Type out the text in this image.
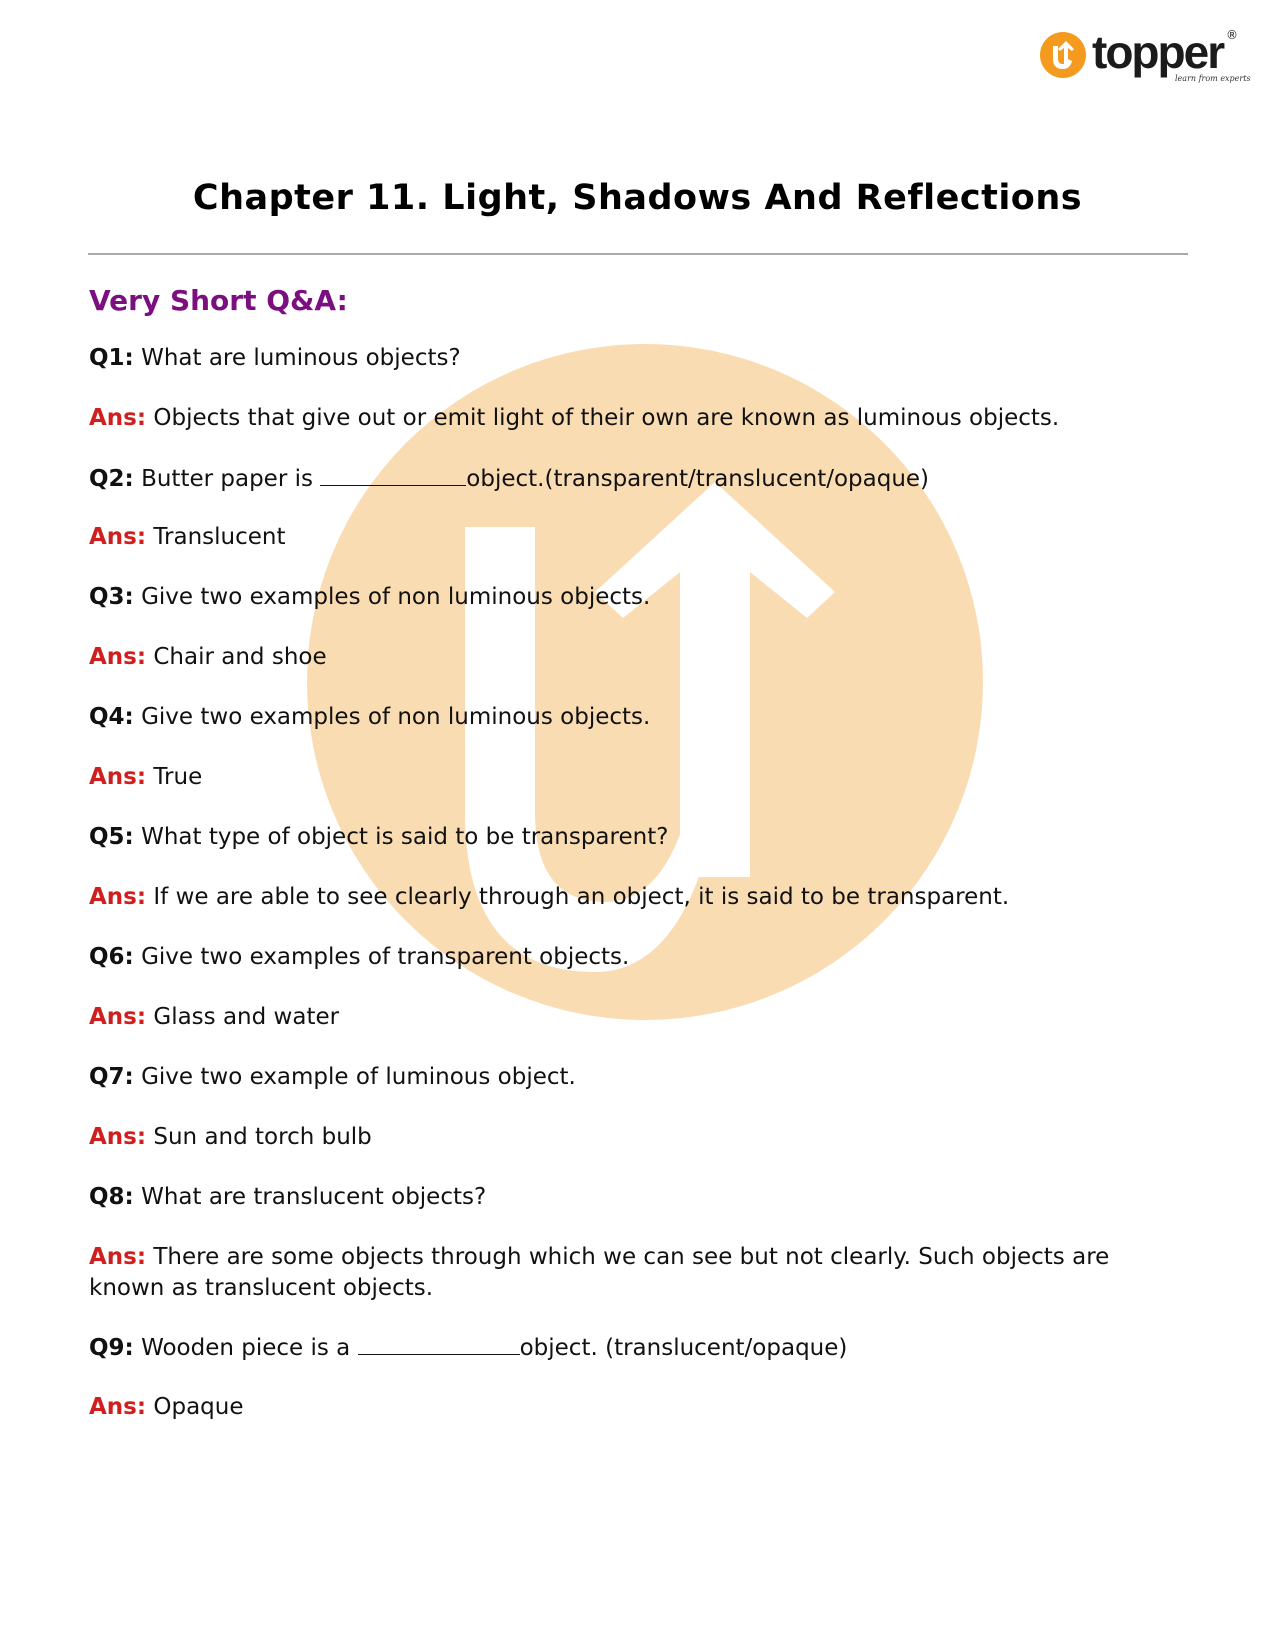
topper ®
learn from experts
Chapter 11. Light, Shadows And Reflections
Very Short Q&A:

Q1: What are luminous objects?

Ans: Objects that give out or emit light of their own are known as luminous objects.

Q2: Butter paper is	object.(transparent/translucent/opaque)

Ans: Translucent

Q3: Give two examples of non luminous objects.

Ans: Chair and shoe

Q4: Give two examples of non luminous objects.

Ans: True

Q5: What type of object is said to be transparent?

Ans: If we are able to see clearly through an object, it is said to be transparent.

Q6: Give two examples of transparent objects.

Ans: Glass and water

Q7: Give two example of luminous object.

Ans: Sun and torch bulb

Q8: What are translucent objects?

Ans: There are some objects through which we can see but not clearly. Such objects are known as translucent objects.

Q9: Wooden piece is a	object. (translucent/opaque)

Ans: Opaque
